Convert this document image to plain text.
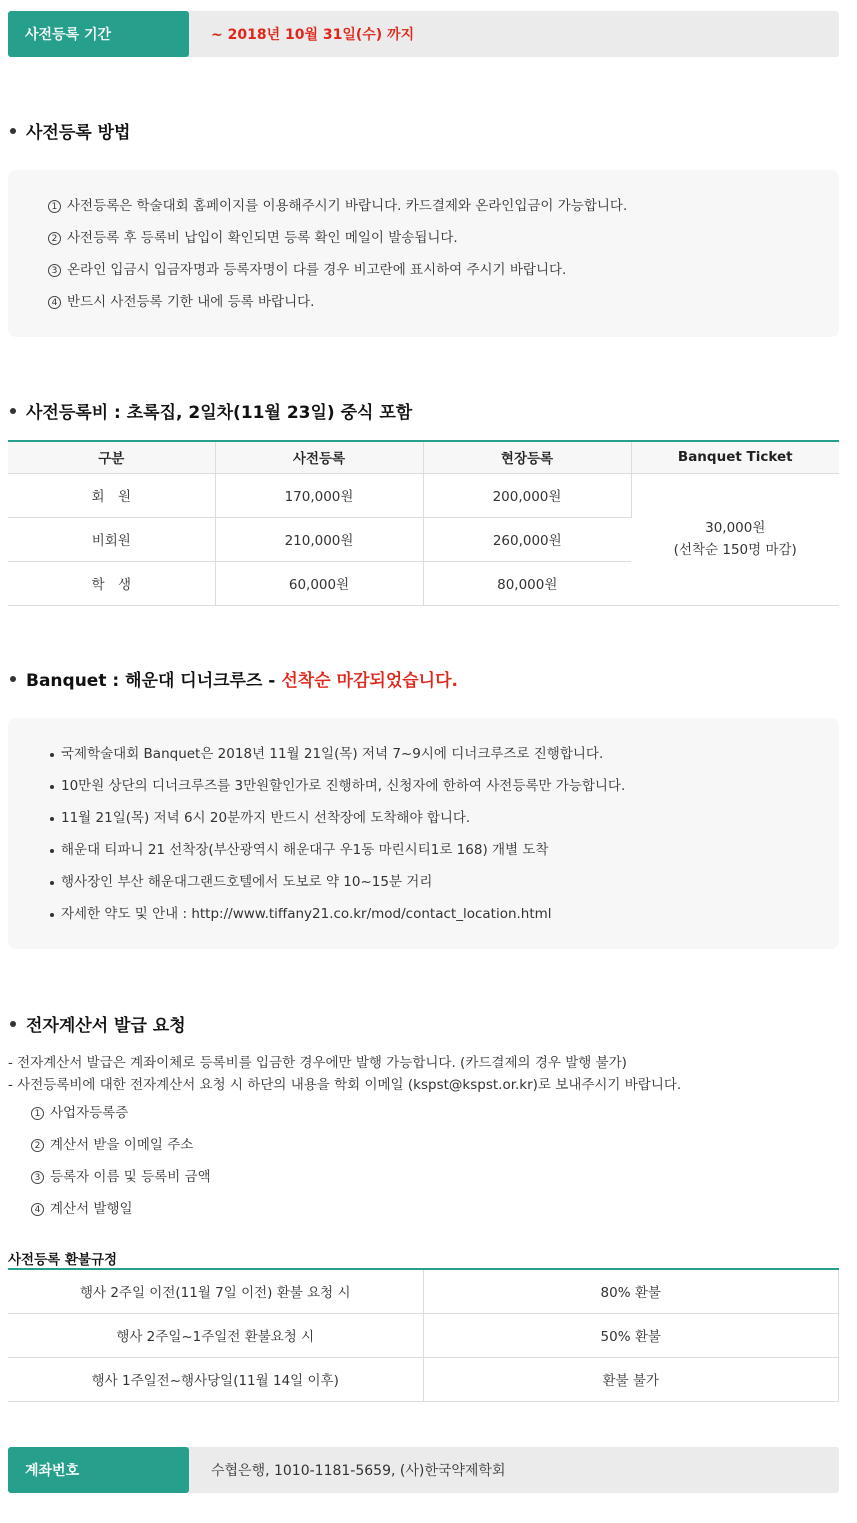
사전등록 기간	~ 2018년 10월 31일(수) 까지
사전등록 방법
1 사전등록은 학술대회 홈페이지를 이용해주시기 바랍니다. 카드결제와 온라인입금이 가능합니다.
2 사전등록 후 등록비 납입이 확인되면 등록 확인 메일이 발송됩니다.
3 온라인 입금시 입금자명과 등록자명이 다를 경우 비고란에 표시하여 주시기 바랍니다.
4 반드시 사전등록 기한 내에 등록 바랍니다.
사전등록비 : 초록집, 2일차(11월 23일) 중식 포함
구분	사전등록	현장등록	Banquet Ticket
회　원	170,000원	200,000원	30,000원
(선착순 150명 마감)

비회원	210,000원	260,000원	
학　생	60,000원	80,000원	
Banquet : 해운대 디너크루즈 - 선착순 마감되었습니다.
국제학술대회 Banquet은 2018년 11월 21일(목) 저녁 7~9시에 디너크루즈로 진행합니다.
10만원 상단의 디너크루즈를 3만원할인가로 진행하며, 신청자에 한하여 사전등록만 가능합니다.
11월 21일(목) 저녁 6시 20분까지 반드시 선착장에 도착해야 합니다.
해운대 티파니 21 선착장(부산광역시 해운대구 우1동 마린시티1로 168) 개별 도착
행사장인 부산 해운대그랜드호텔에서 도보로 약 10~15분 거리
자세한 약도 및 안내 : http://www.tiffany21.co.kr/mod/contact_location.html
전자계산서 발급 요청
- 전자계산서 발급은 계좌이체로 등록비를 입금한 경우에만 발행 가능합니다. (카드결제의 경우 발행 불가)
- 사전등록비에 대한 전자계산서 요청 시 하단의 내용을 학회 이메일 (kspst@kspst.or.kr)로 보내주시기 바랍니다.
1 사업자등록증
2 계산서 받을 이메일 주소
3 등록자 이름 및 등록비 금액
4 계산서 발행일
사전등록 환불규정
행사 2주일 이전(11월 7일 이전) 환불 요청 시	80% 환불
행사 2주일~1주일전 환불요청 시	50% 환불
행사 1주일전~행사당일(11월 14일 이후)	환불 불가
계좌번호	수협은행, 1010-1181-5659, (사)한국약제학회
